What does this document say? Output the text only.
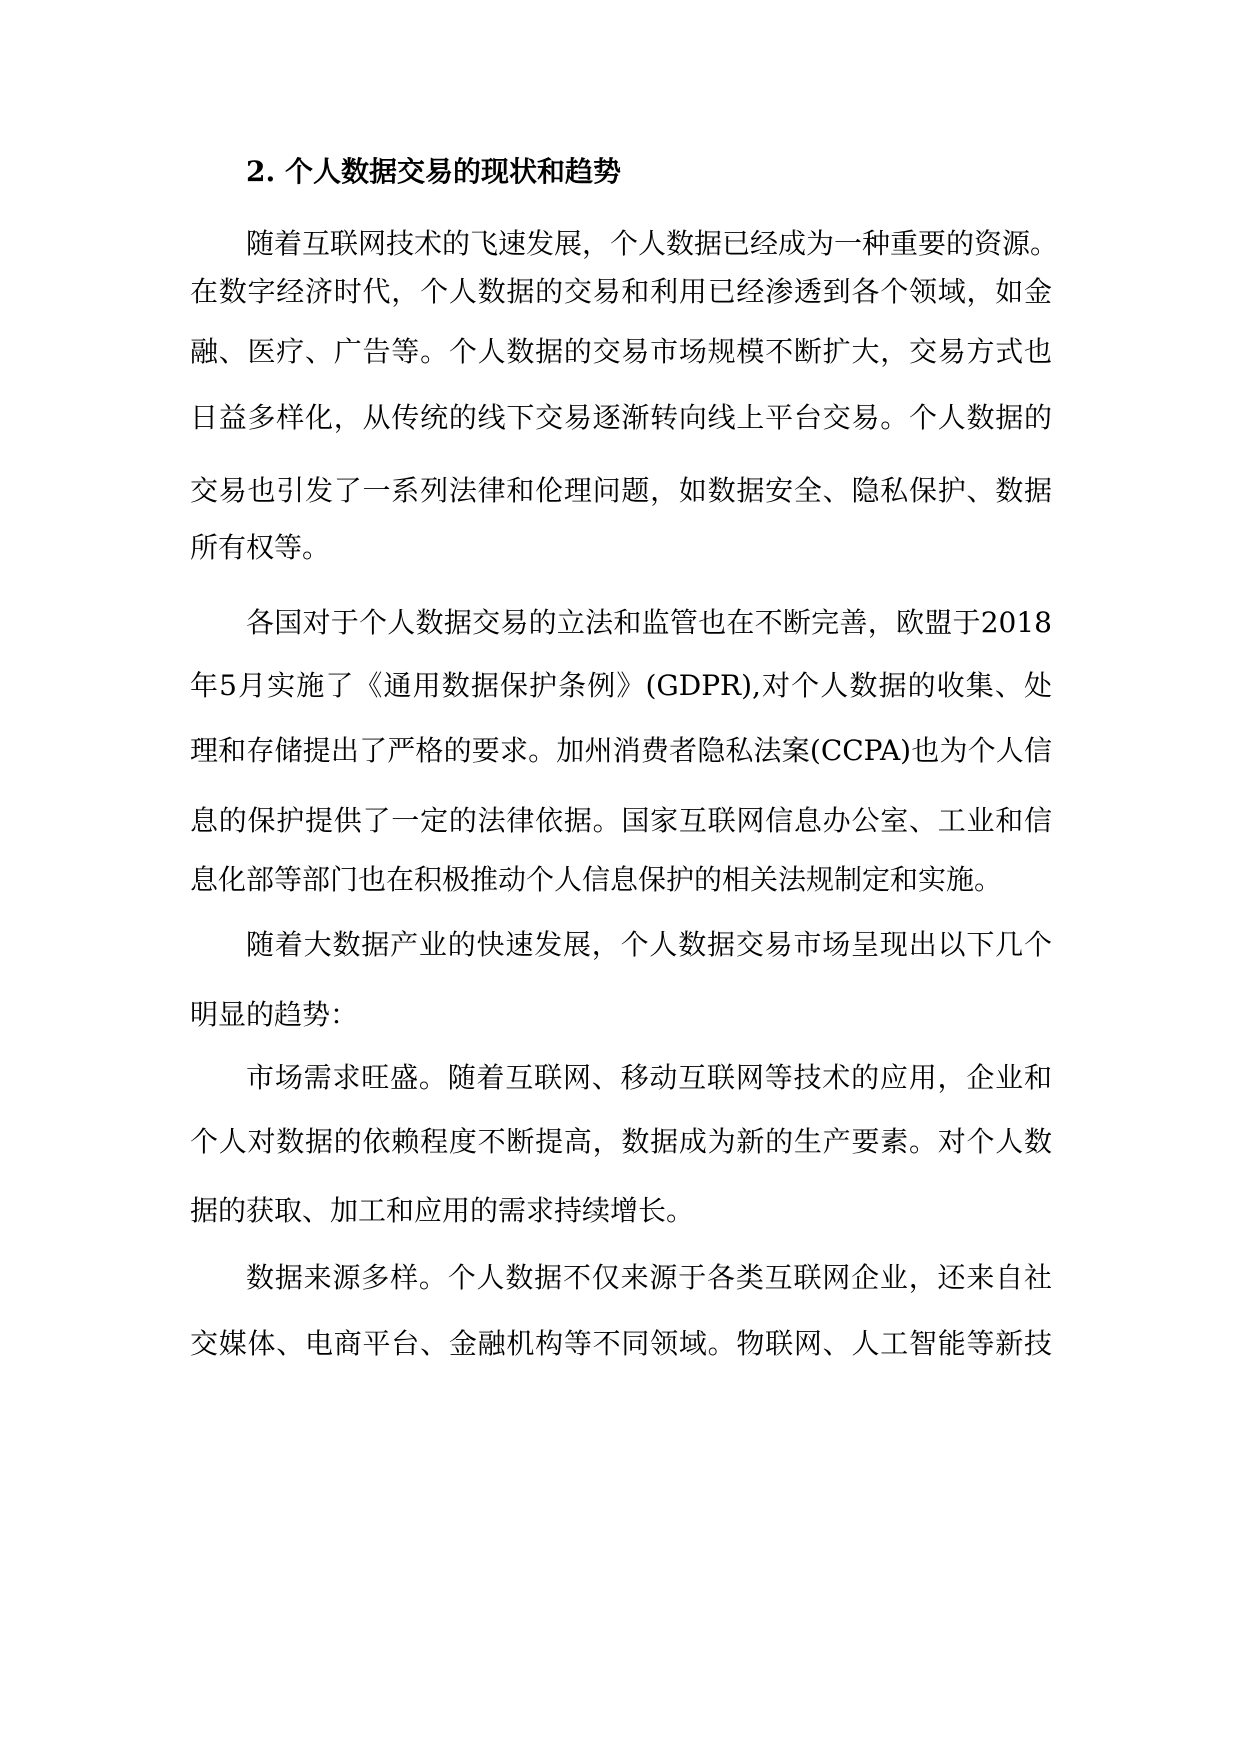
2. 个人数据交易的现状和趋势
随着互联网技术的飞速发展，个人数据已经成为一种重要的资源。
在数字经济时代，个人数据的交易和利用已经渗透到各个领域，如金
融、医疗、广告等。个人数据的交易市场规模不断扩大，交易方式也
日益多样化，从传统的线下交易逐渐转向线上平台交易。个人数据的
交易也引发了一系列法律和伦理问题，如数据安全、隐私保护、数据
所有权等。
各国对于个人数据交易的立法和监管也在不断完善，欧盟于2018
年5月实施了《通用数据保护条例》(GDPR),对个人数据的收集、处
理和存储提出了严格的要求。加州消费者隐私法案(CCPA)也为个人信
息的保护提供了一定的法律依据。国家互联网信息办公室、工业和信
息化部等部门也在积极推动个人信息保护的相关法规制定和实施。
随着大数据产业的快速发展，个人数据交易市场呈现出以下几个
明显的趋势：
市场需求旺盛。随着互联网、移动互联网等技术的应用，企业和
个人对数据的依赖程度不断提高，数据成为新的生产要素。对个人数
据的获取、加工和应用的需求持续增长。
数据来源多样。个人数据不仅来源于各类互联网企业，还来自社
交媒体、电商平台、金融机构等不同领域。物联网、人工智能等新技
